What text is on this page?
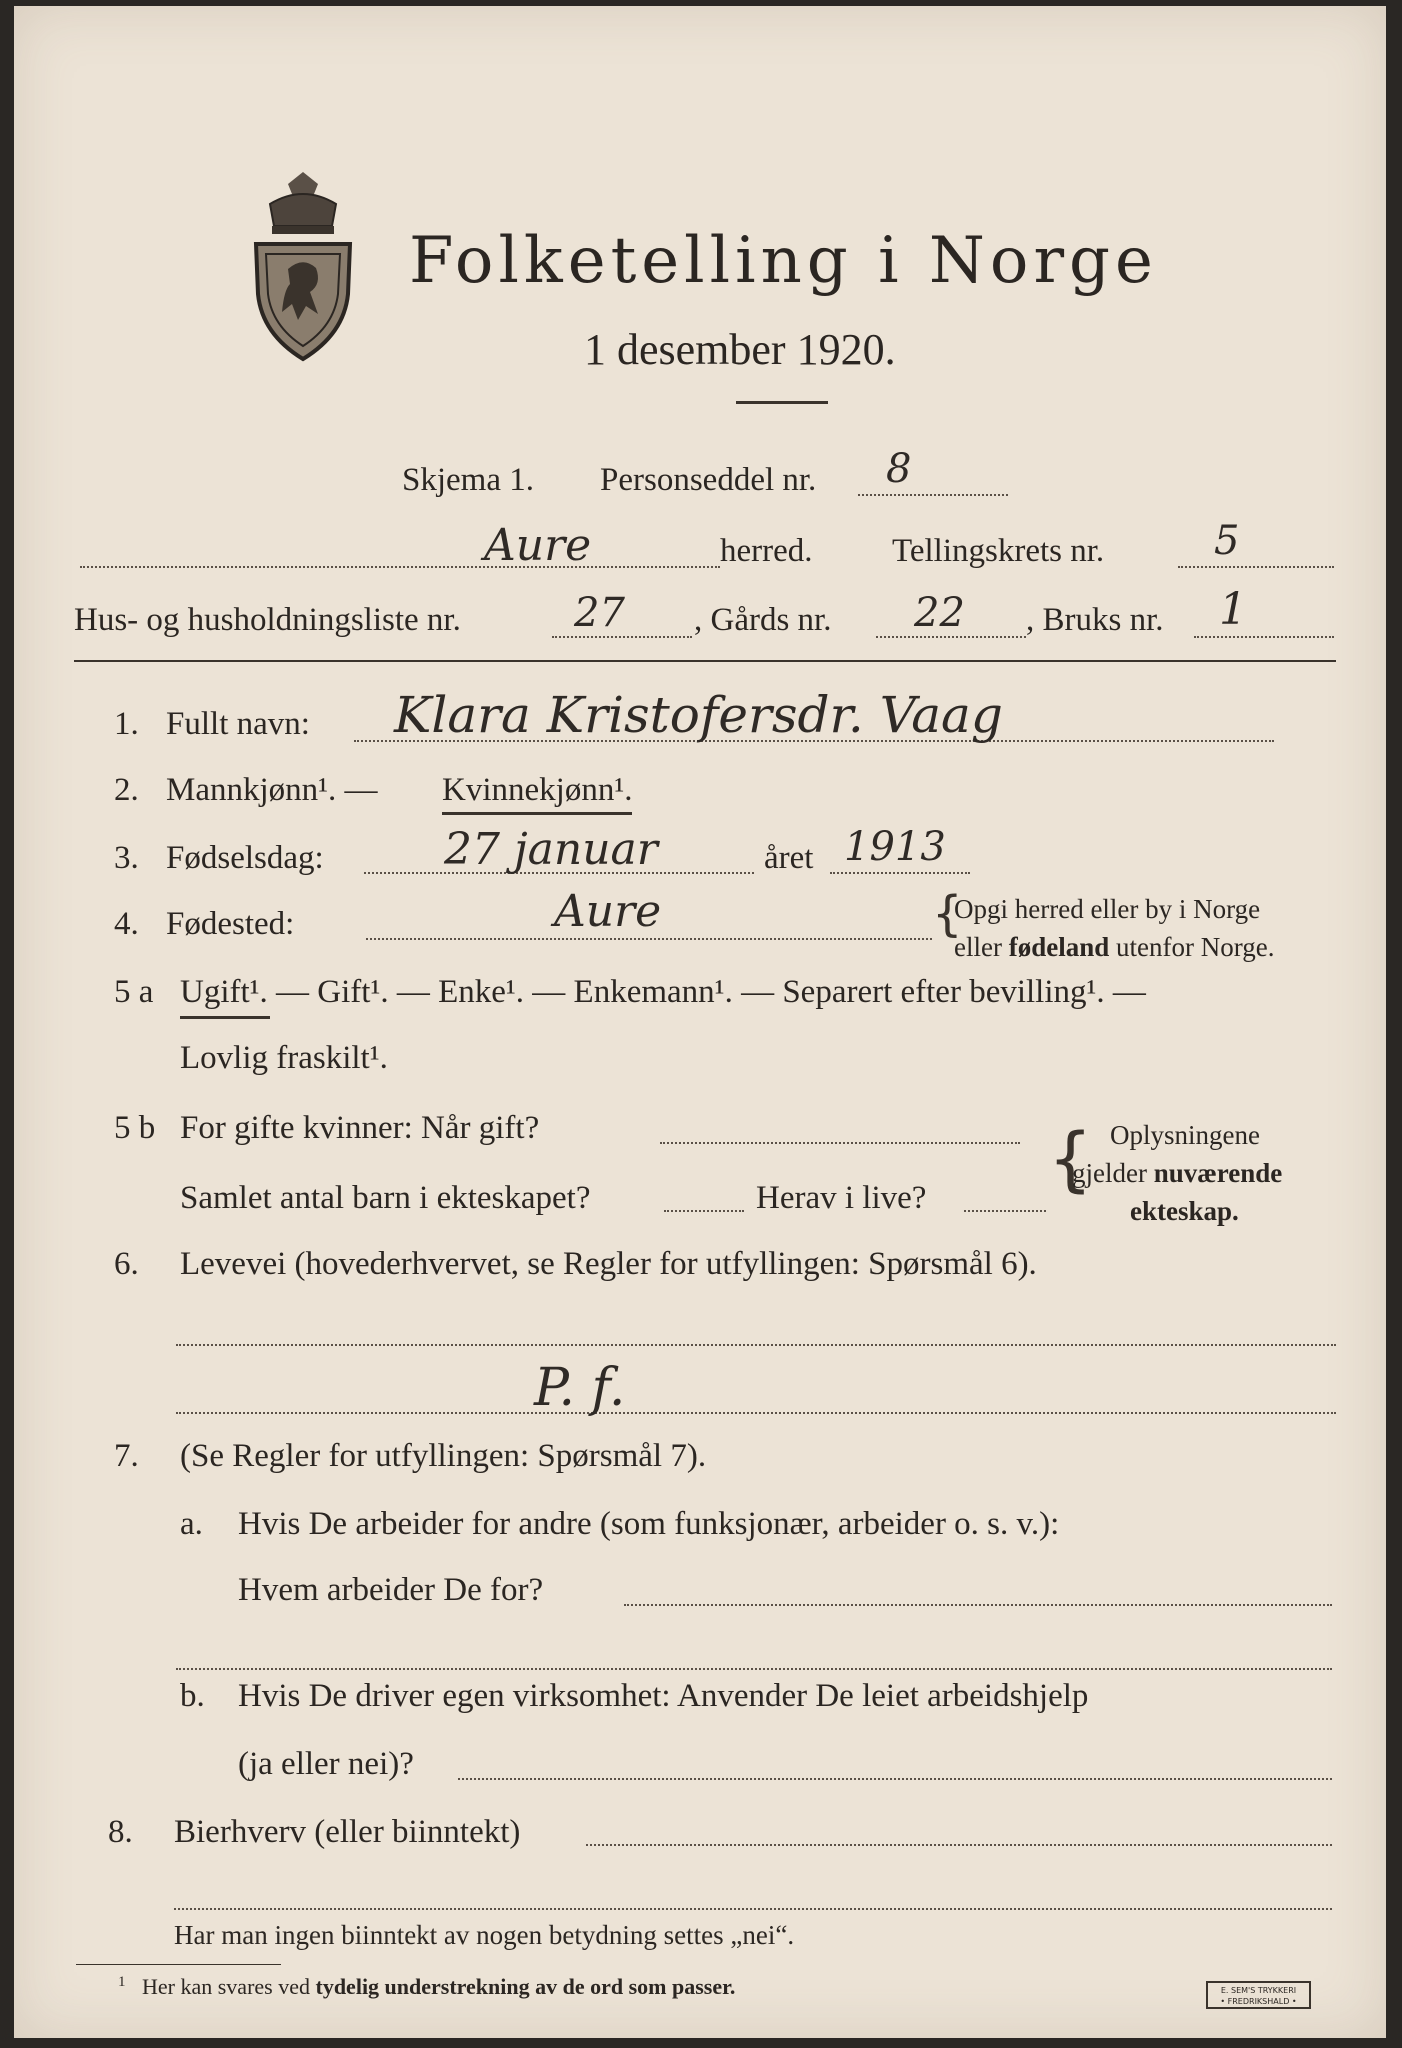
Folketelling i Norge
1 desember 1920.
Skjema 1. Personseddel nr. 8
Aure	herred. Tellingskrets nr.	5
Hus- og husholdningsliste nr.	27 , Gårds nr. 22 , Bruks nr. 1
1. Fullt navn: Klara Kristofersdr. Vaag
2. Mannkjønn¹. — Kvinnekjønn¹.
3. Fødselsdag:	27 januar	året 1913
4. Fødested:	Aure	{
Opgi herred eller by i Norge
eller fødeland utenfor Norge.
5 a Ugift¹. — Gift¹. — Enke¹. — Enkemann¹. — Separert efter bevilling¹. —
Lovlig fraskilt¹.
5 b For gifte kvinner: Når gift?
Samlet antal barn i ekteskapet?	Herav i live? { Oplysningene
gjelder nuværende
ekteskap.
6. Levevei (hovederhvervet, se Regler for utfyllingen: Spørsmål 6).
P. f.
7. (Se Regler for utfyllingen: Spørsmål 7).
a. Hvis De arbeider for andre (som funksjonær, arbeider o. s. v.):
Hvem arbeider De for?
b. Hvis De driver egen virksomhet: Anvender De leiet arbeidshjelp
(ja eller nei)?
8. Bierhverv (eller biinntekt)
Har man ingen biinntekt av nogen betydning settes „nei“.
$^1$ Her kan svares ved tydelig understrekning av de ord som passer.	E. SEM'S TRYKKERI
• FREDRIKSHALD •
